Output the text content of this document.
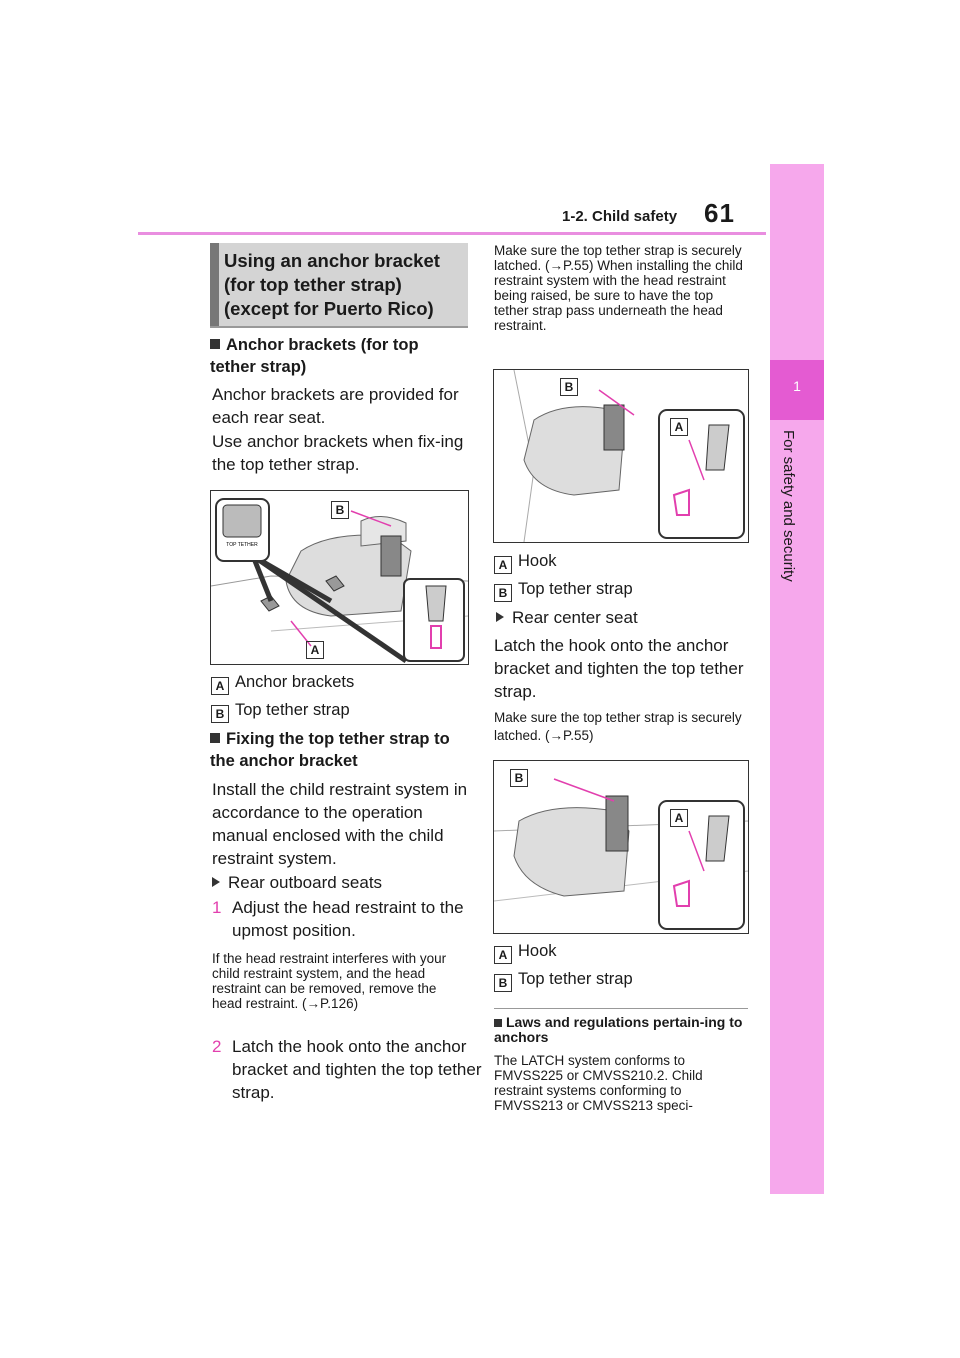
1-2. Child safety 61
1
For safety and security
Using an anchor bracket (for top tether strap) (except for Puerto Rico)
Anchor brackets (for top tether strap)
Anchor brackets are provided for each rear seat.
Use anchor brackets when fix-ing the top tether strap.
TOP TETHER
B
A
A Anchor brackets
B Top tether strap
Fixing the top tether strap to the anchor bracket
Install the child restraint system in accordance to the operation manual enclosed with the child restraint system.
Rear outboard seats
1 Adjust the head restraint to the upmost position.
If the head restraint interferes with your child restraint system, and the head restraint can be removed, remove the head restraint. (→P.126)
2 Latch the hook onto the anchor bracket and tighten the top tether strap.
Make sure the top tether strap is securely latched. (→P.55) When installing the child restraint system with the head restraint being raised, be sure to have the top tether strap pass underneath the head restraint.
B
A
A Hook
B Top tether strap
Rear center seat
Latch the hook onto the anchor bracket and tighten the top tether strap.
Make sure the top tether strap is securely latched. (→P.55)
B
A
A Hook
B Top tether strap
Laws and regulations pertain-ing to anchors
The LATCH system conforms to FMVSS225 or CMVSS210.2. Child restraint systems conforming to FMVSS213 or CMVSS213 speci-
